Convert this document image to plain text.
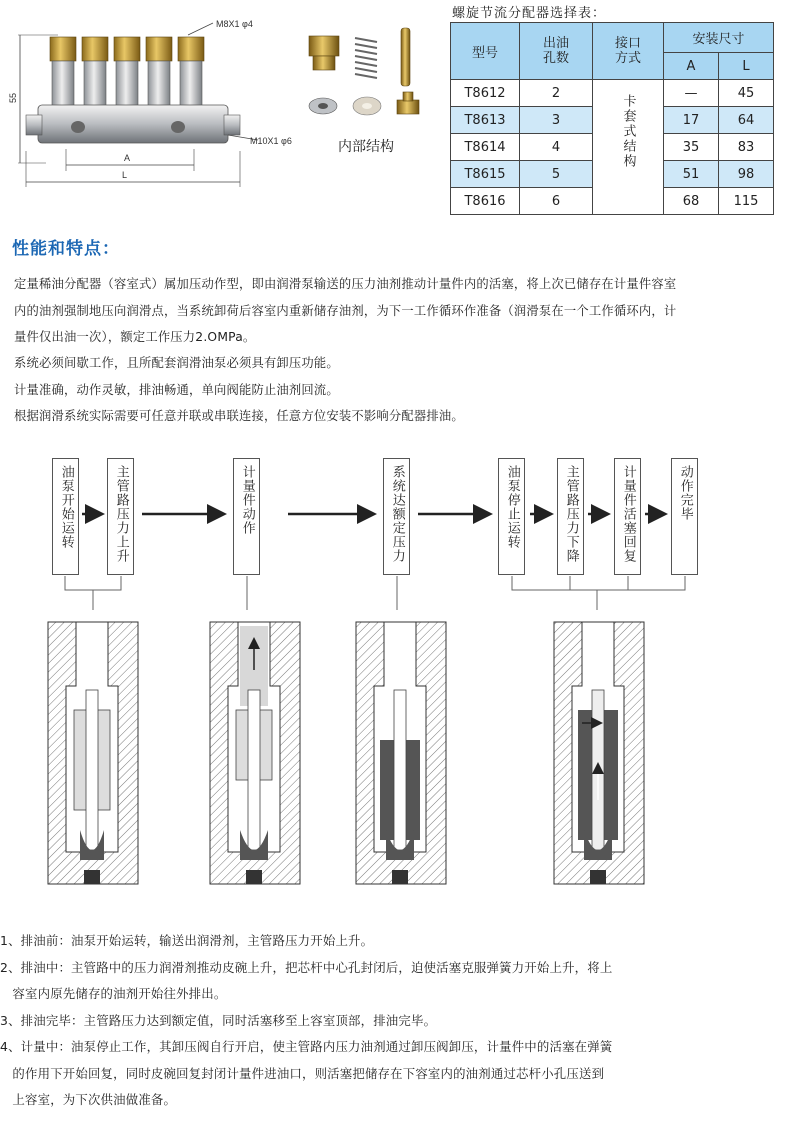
55
M8X1 φ4
M10X1 φ6
A
L
内部结构
螺旋节流分配器选择表：
型号	出油孔数	接口方式	安装尺寸	
			A	L
T8612	2	卡套式结构	—	45
T8613	3		17	64
T8614	4		35	83
T8615	5		51	98
T8616	6		68	115
性能和特点：
定量稀油分配器（容室式）属加压动作型，即由润滑泵输送的压力油剂推动计量件内的活塞，将上次已储存在计量件容室
内的油剂强制地压向润滑点，当系统卸荷后容室内重新储存油剂，为下一工作循环作准备（润滑泵在一个工作循环内，计
量件仅出油一次），额定工作压力2.OMPa。
系统必须间歇工作，且所配套润滑油泵必须具有卸压功能。
计量准确，动作灵敏，排油畅通，单向阀能防止油剂回流。
根据润滑系统实际需要可任意并联或串联连接，任意方位安装不影响分配器排油。
油泵开始运转	主管路压力上升	计量件动作	系统达额定压力	油泵停止运转	主管路压力下降	计量件活塞回复	动作完毕
1、排油前：油泵开始运转，输送出润滑剂，主管路压力开始上升。
2、排油中：主管路中的压力润滑剂推动皮碗上升，把芯杆中心孔封闭后，迫使活塞克服弹簧力开始上升，将上
容室内原先储存的油剂开始往外排出。
3、排油完毕：主管路压力达到额定值，同时活塞移至上容室顶部，排油完毕。
4、计量中：油泵停止工作，其卸压阀自行开启，使主管路内压力油剂通过卸压阀卸压，计量件中的活塞在弹簧
的作用下开始回复，同时皮碗回复封闭计量件进油口，则活塞把储存在下容室内的油剂通过芯杆小孔压送到
上容室，为下次供油做准备。
